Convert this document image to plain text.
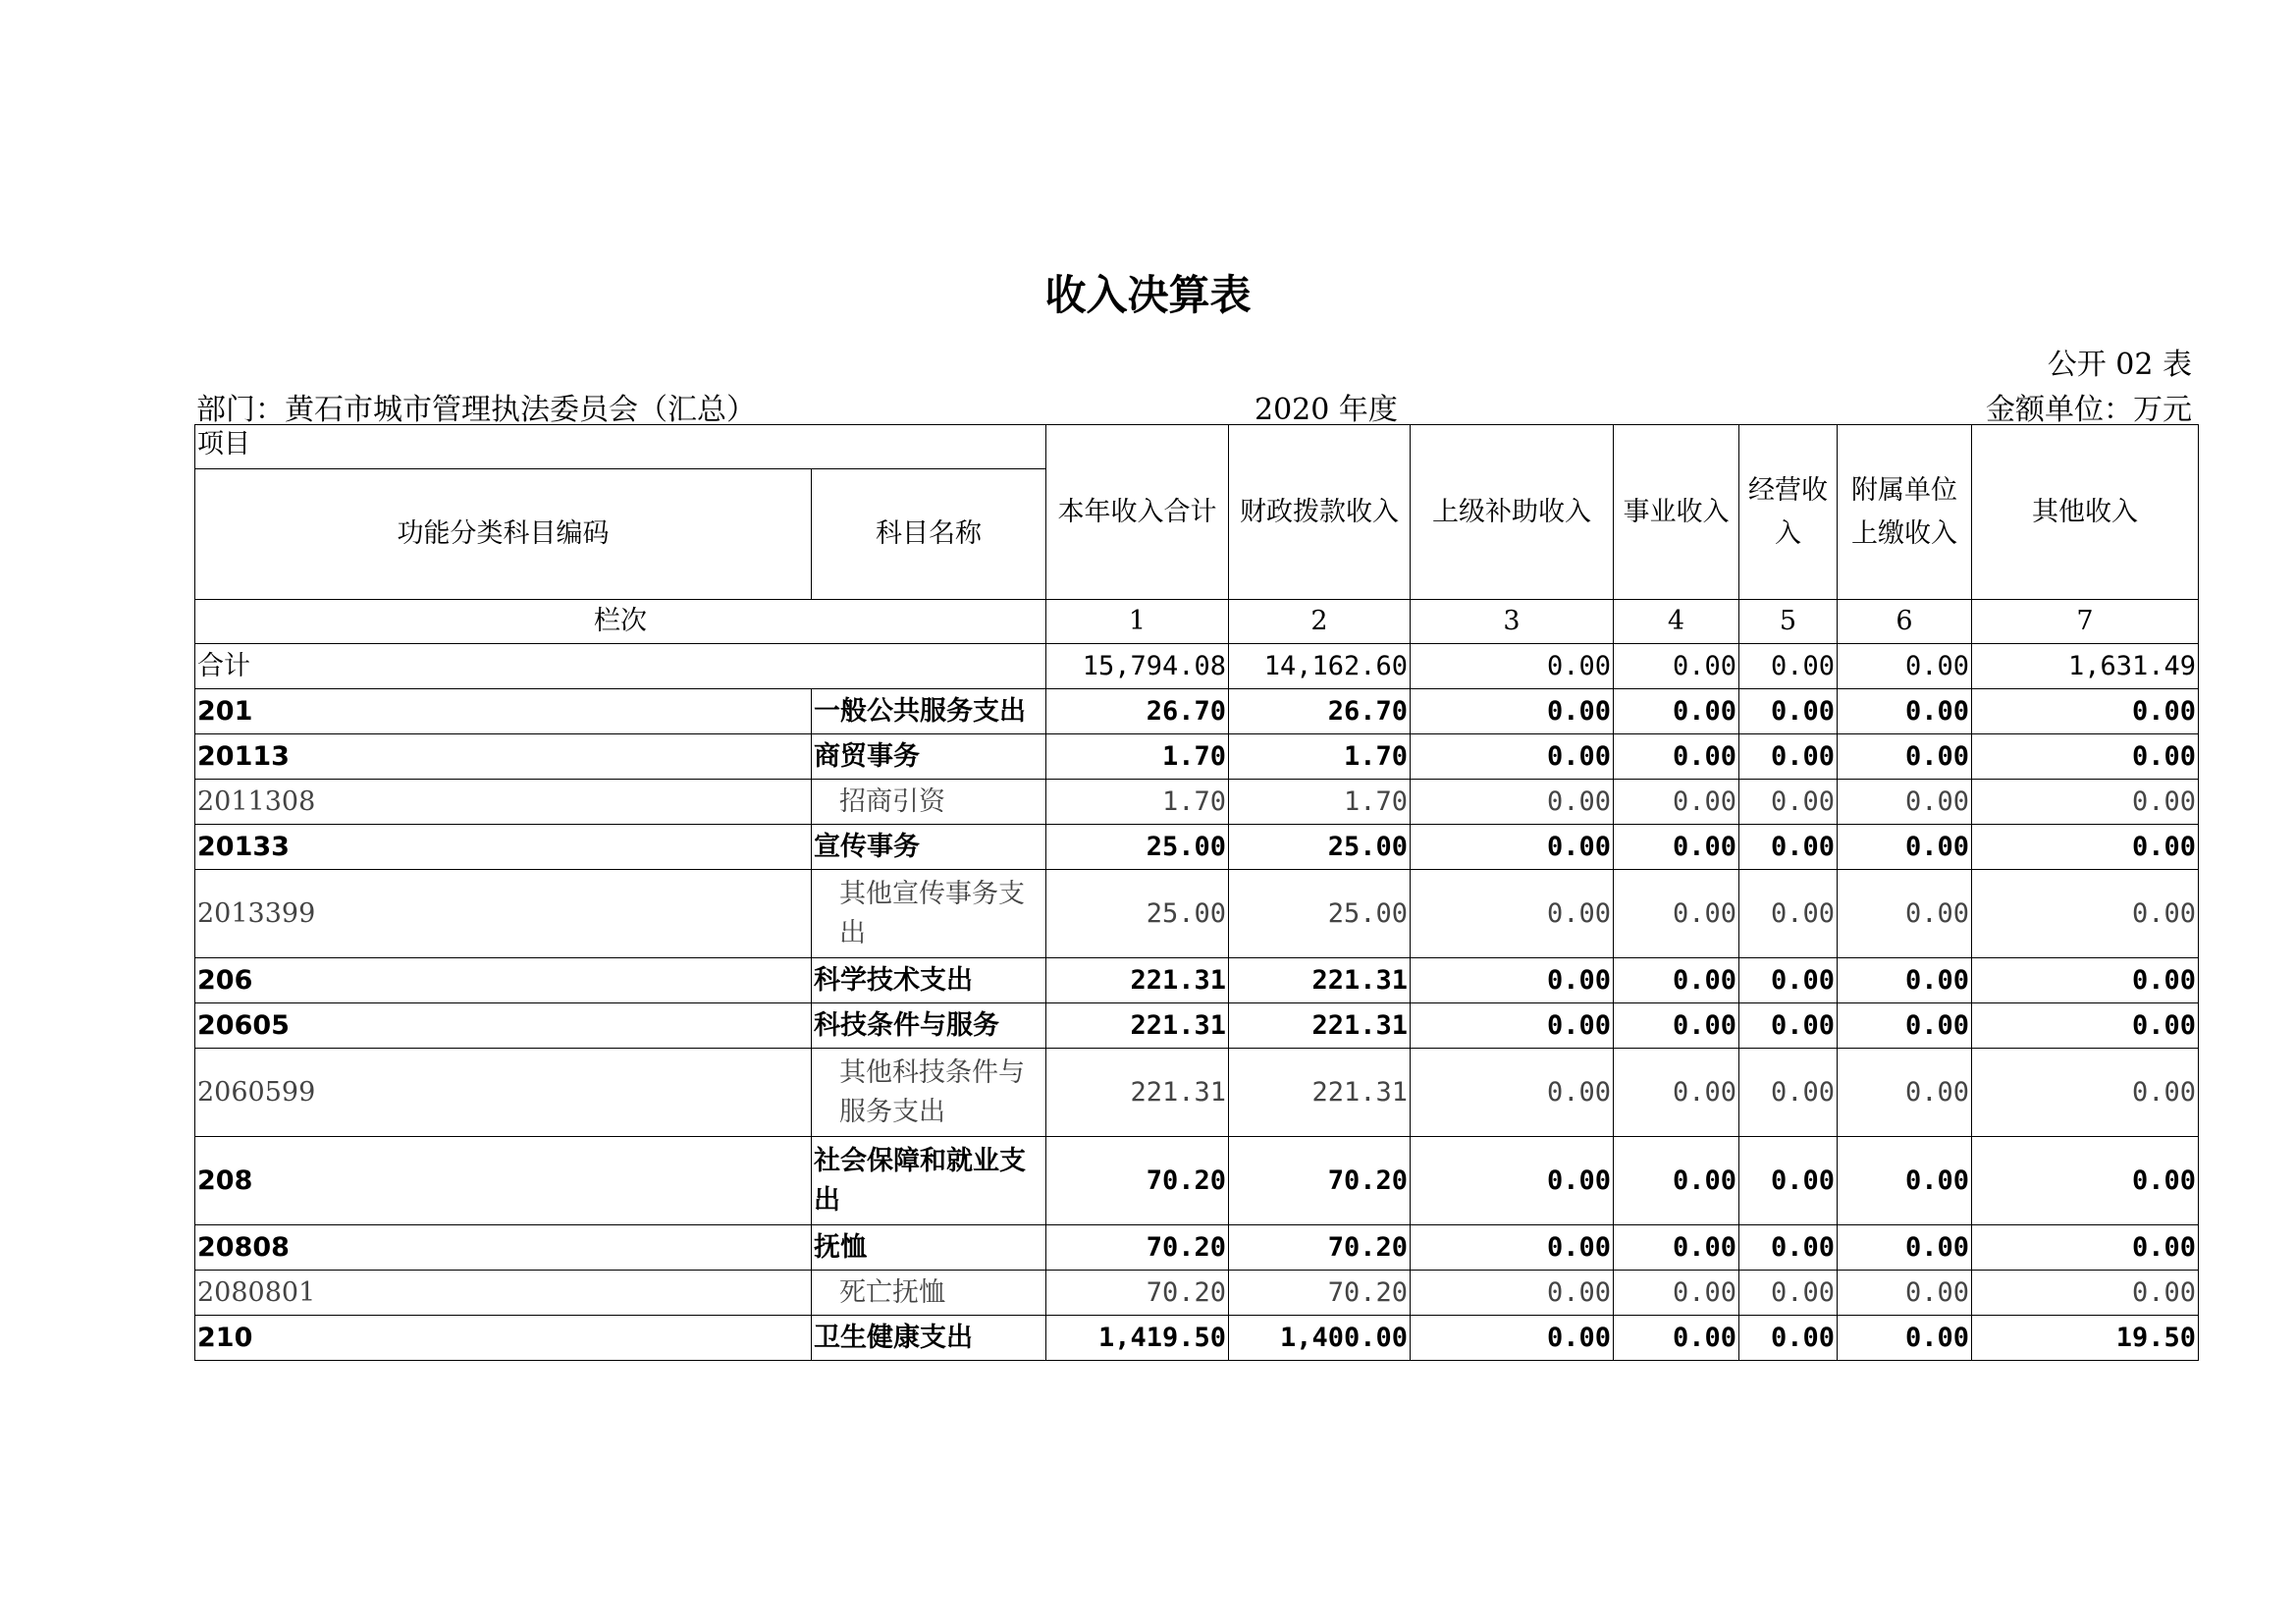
收入决算表
公开 02 表
部门：黄石市城市管理执法委员会（汇总）	2020 年度	金额单位：万元
项目		本年收入合计	财政拨款收入	上级补助收入	事业收入	经营收入	附属单位上缴收入	其他收入
功能分类科目编码	科目名称							
栏次		1	2	3	4	5	6	7
合计		15,794.08	14,162.60	0.00	0.00	0.00	0.00	1,631.49
201	一般公共服务支出	26.70	26.70	0.00	0.00	0.00	0.00	0.00
20113	商贸事务	1.70	1.70	0.00	0.00	0.00	0.00	0.00
2011308	招商引资	1.70	1.70	0.00	0.00	0.00	0.00	0.00
20133	宣传事务	25.00	25.00	0.00	0.00	0.00	0.00	0.00
2013399	其他宣传事务支出	25.00	25.00	0.00	0.00	0.00	0.00	0.00
206	科学技术支出	221.31	221.31	0.00	0.00	0.00	0.00	0.00
20605	科技条件与服务	221.31	221.31	0.00	0.00	0.00	0.00	0.00
2060599	其他科技条件与服务支出	221.31	221.31	0.00	0.00	0.00	0.00	0.00
208	社会保障和就业支出	70.20	70.20	0.00	0.00	0.00	0.00	0.00
20808	抚恤	70.20	70.20	0.00	0.00	0.00	0.00	0.00
2080801	死亡抚恤	70.20	70.20	0.00	0.00	0.00	0.00	0.00
210	卫生健康支出	1,419.50	1,400.00	0.00	0.00	0.00	0.00	19.50
